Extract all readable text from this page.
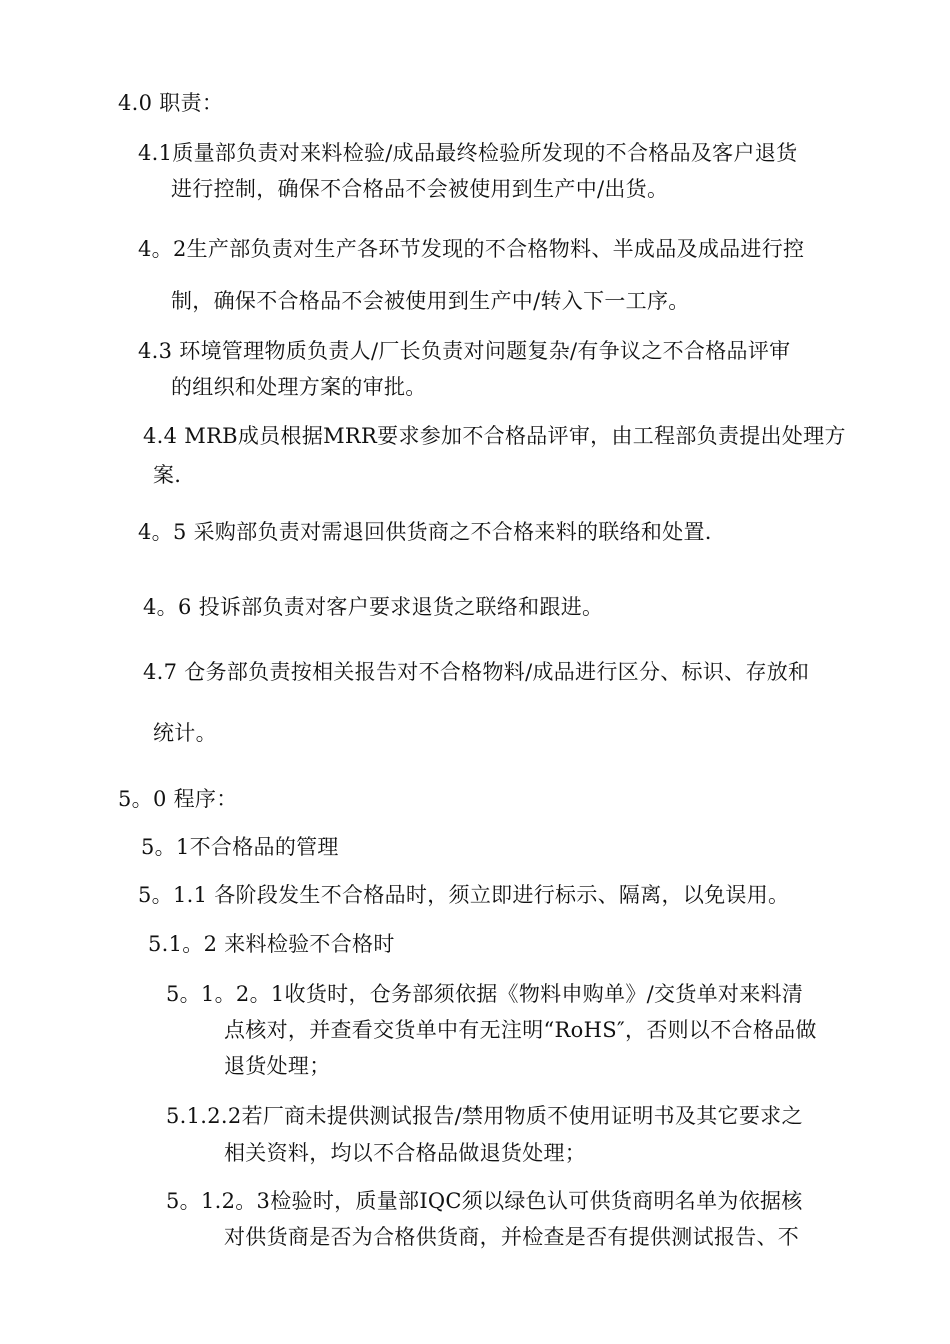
4.0 职责：
4.1质量部负责对来料检验/成品最终检验所发现的不合格品及客户退货
进行控制，确保不合格品不会被使用到生产中/出货。
4。2生产部负责对生产各环节发现的不合格物料、半成品及成品进行控
制，确保不合格品不会被使用到生产中/转入下一工序。
4.3 环境管理物质负责人/厂长负责对问题复杂/有争议之不合格品评审
的组织和处理方案的审批。
4.4 MRB成员根据MRR要求参加不合格品评审，由工程部负责提出处理方
案.
4。5 采购部负责对需退回供货商之不合格来料的联络和处置.
4。6 投诉部负责对客户要求退货之联络和跟进。
4.7 仓务部负责按相关报告对不合格物料/成品进行区分、标识、存放和
统计。
5。0 程序：
5。1不合格品的管理
5。1.1 各阶段发生不合格品时，须立即进行标示、隔离，以免误用。
5.1。2 来料检验不合格时
5。1。2。1收货时，仓务部须依据《物料申购单》/交货单对来料清
点核对，并查看交货单中有无注明“RoHS″，否则以不合格品做
退货处理；
5.1.2.2若厂商未提供测试报告/禁用物质不使用证明书及其它要求之
相关资料，均以不合格品做退货处理；
5。1.2。3检验时，质量部IQC须以绿色认可供货商明名单为依据核
对供货商是否为合格供货商，并检查是否有提供测试报告、不
